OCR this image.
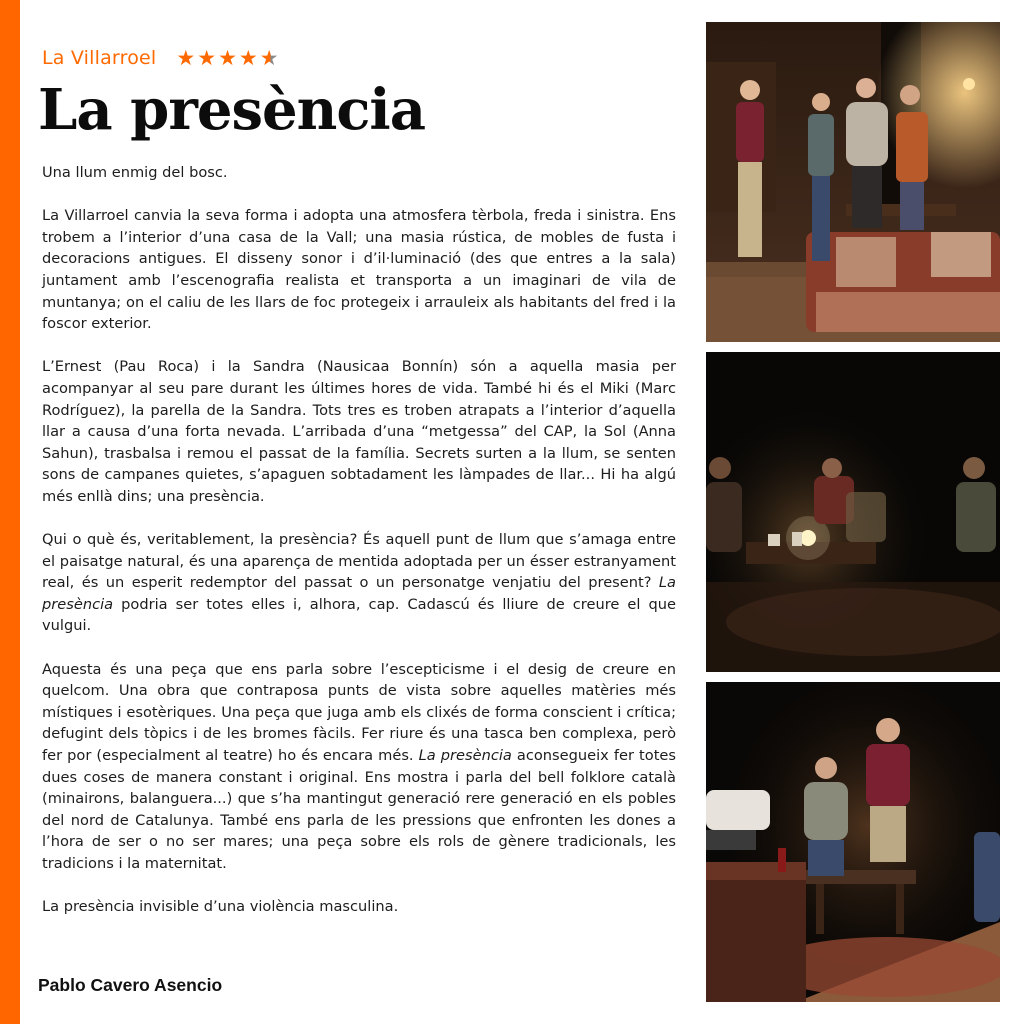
La Villarroel ★ ★ ★ ★ ★
La presència

Una llum enmig del bosc.

La Villarroel canvia la seva forma i adopta una atmosfera tèrbola, freda i sinistra. Ens trobem a l’interior d’una casa de la Vall; una masia rústica, de mobles de fusta i decoracions antigues. El disseny sonor i d’il·luminació (des que entres a la sala) juntament amb l’escenografia realista et transporta a un imaginari de vila de muntanya; on el caliu de les llars de foc protegeix i arrauleix als habitants del fred i la foscor exterior.

L’Ernest (Pau Roca) i la Sandra (Nausicaa Bonnín) són a aquella masia per acompanyar al seu pare durant les últimes hores de vida. També hi és el Miki (Marc Rodríguez), la parella de la Sandra. Tots tres es troben atrapats a l’interior d’aquella llar a causa d’una forta nevada. L’arribada d’una “metgessa” del CAP, la Sol (Anna Sahun), trasbalsa i remou el passat de la família. Secrets surten a la llum, se senten sons de campanes quietes, s’apaguen sobtadament les làmpades de llar... Hi ha algú més enllà dins; una presència.

Qui o què és, veritablement, la presència? És aquell punt de llum que s’amaga entre el paisatge natural, és una aparença de mentida adoptada per un ésser estranyament real, és un esperit redemptor del passat o un personatge venjatiu del present? La presència podria ser totes elles i, alhora, cap. Cadascú és lliure de creure el que vulgui.

Aquesta és una peça que ens parla sobre l’escepticisme i el desig de creure en quelcom. Una obra que contraposa punts de vista sobre aquelles matèries més místiques i esotèriques. Una peça que juga amb els clixés de forma conscient i crítica; defugint dels tòpics i de les bromes fàcils. Fer riure és una tasca ben complexa, però fer por (especialment al teatre) ho és encara més. La presència aconsegueix fer totes dues coses de manera constant i original. Ens mostra i parla del bell folklore català (minairons, balanguera...) que s’ha mantingut generació rere generació en els pobles del nord de Catalunya. També ens parla de les pressions que enfronten les dones a l’hora de ser o no ser mares; una peça sobre els rols de gènere tradicionals, les tradicions i la maternitat.

La presència invisible d’una violència masculina.

Pablo Cavero Asencio
